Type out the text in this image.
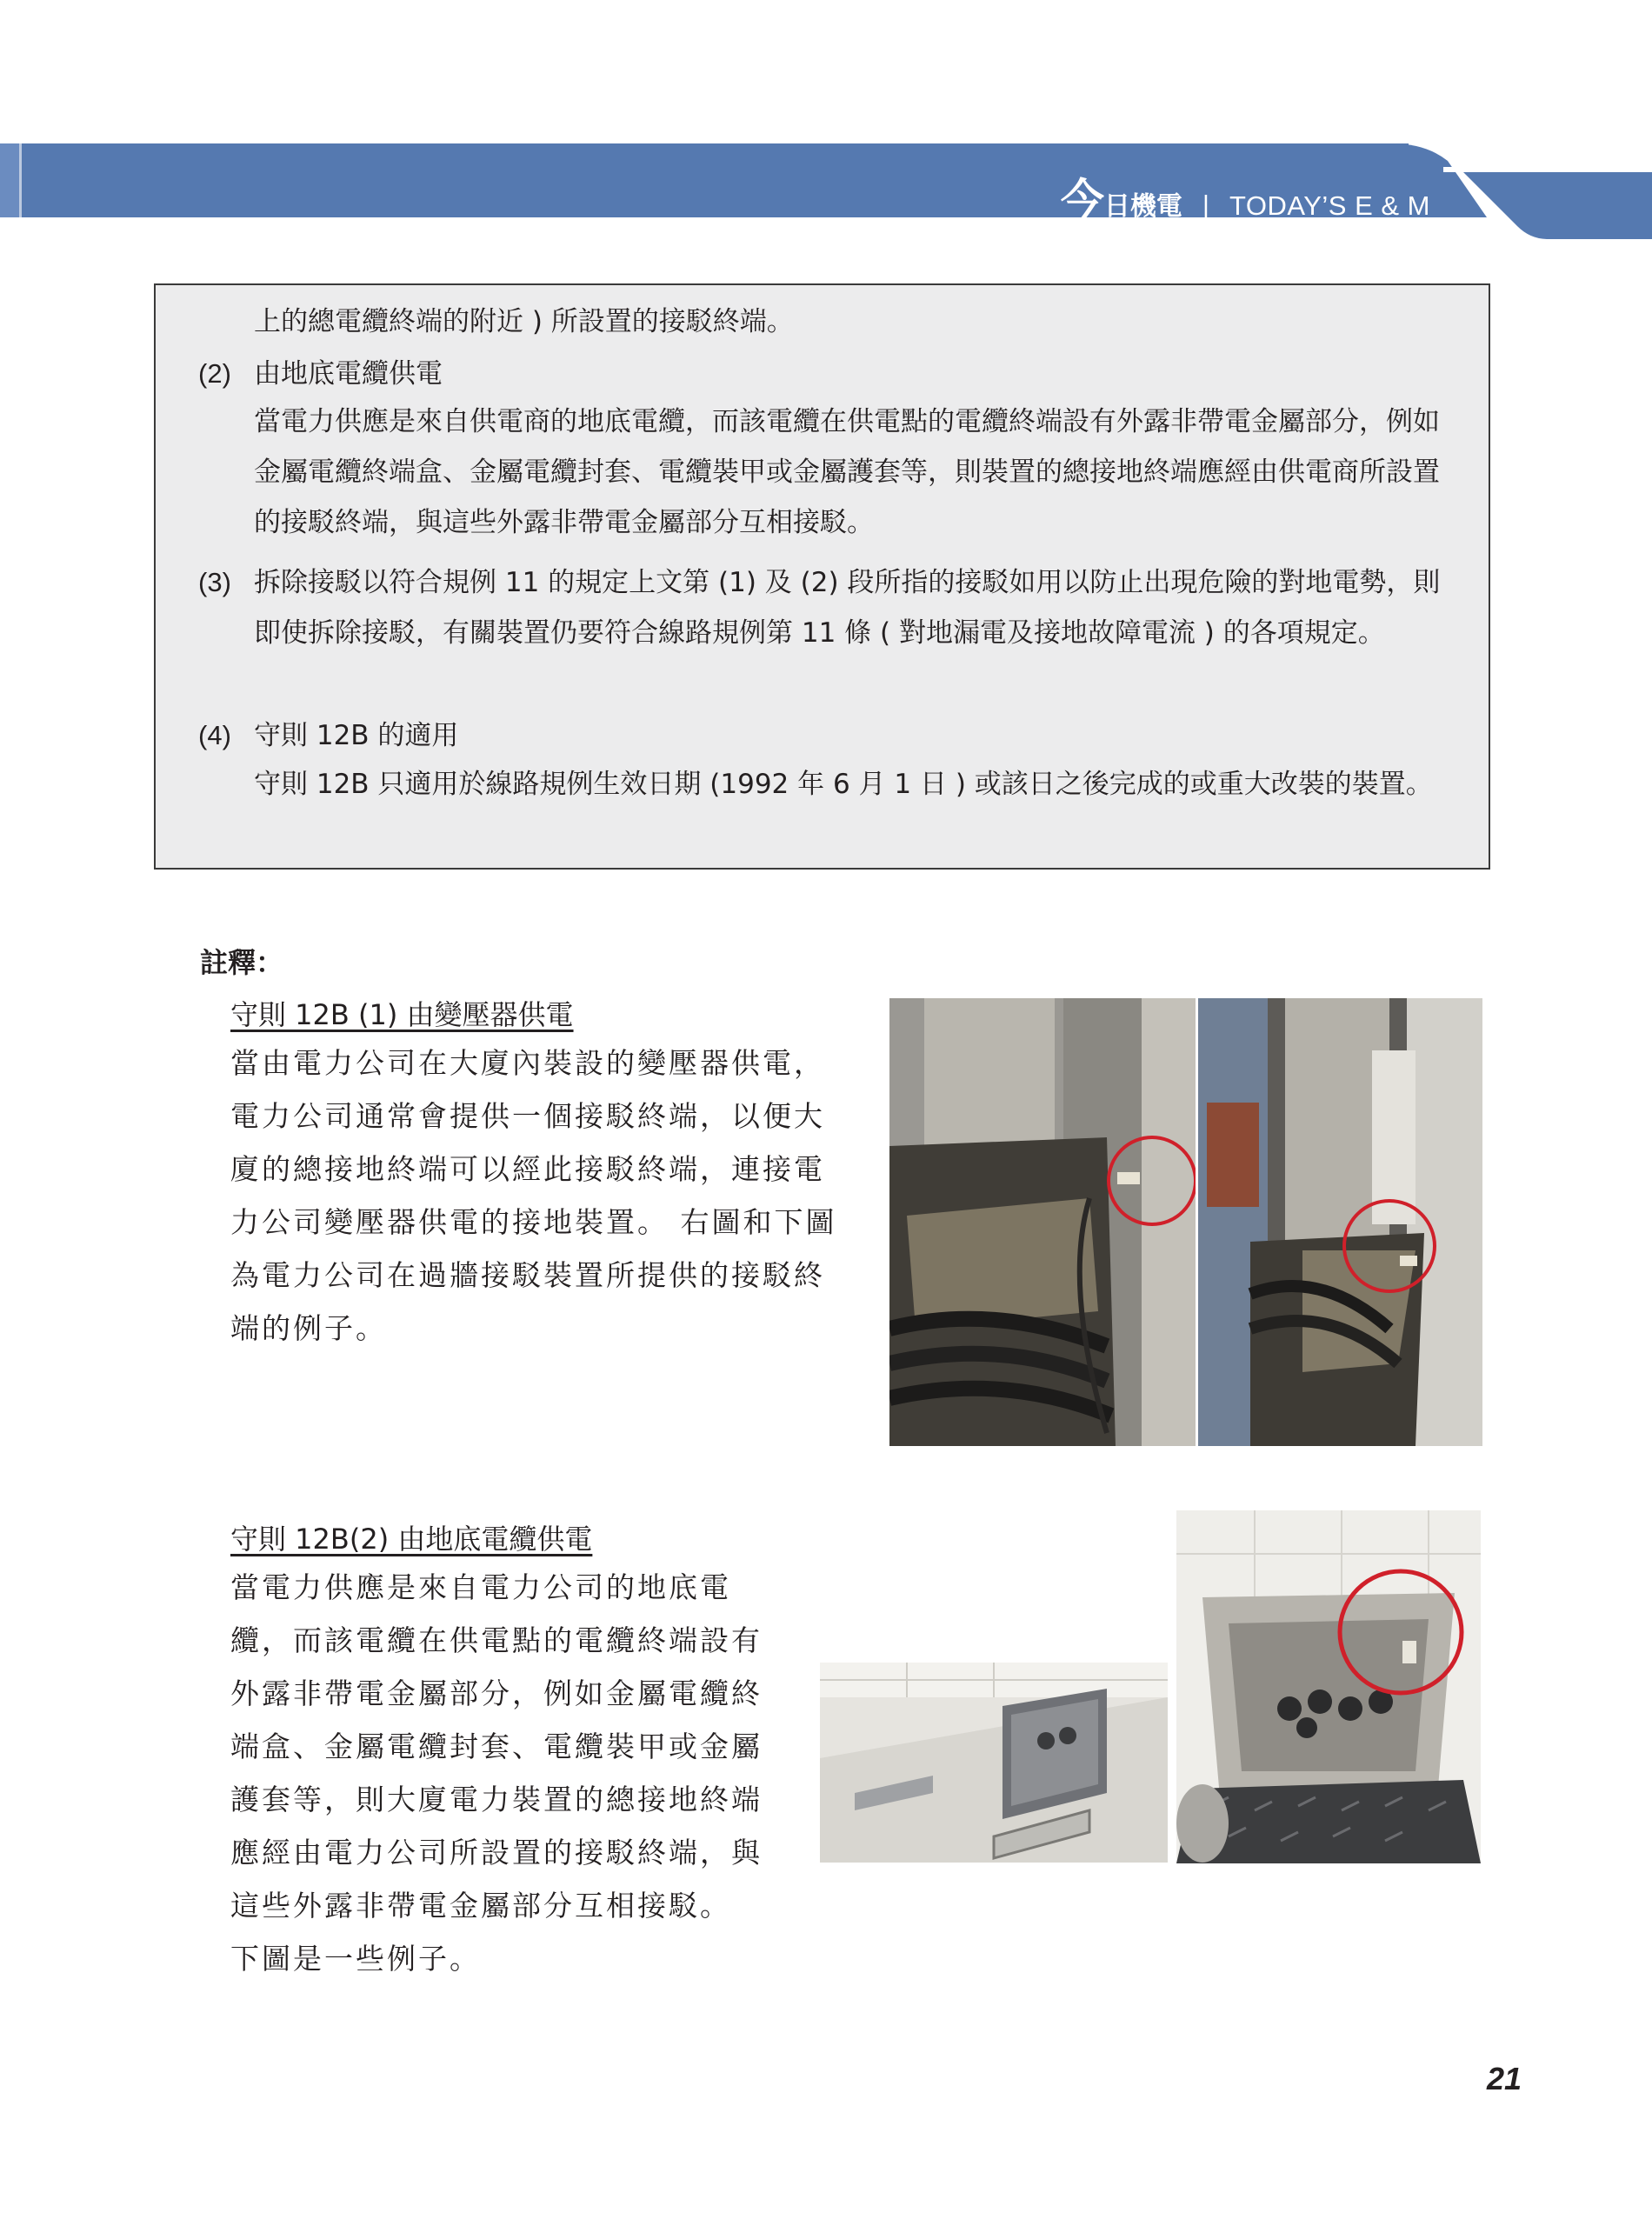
今 日機電 | TODAY’S E & M
上的總電纜終端的附近 ) 所設置的接駁終端。
(2) 由地底電纜供電
當電力供應是來自供電商的地底電纜，而該電纜在供電點的電纜終端設有外露非帶電金屬部分，例如金屬電纜終端盒、金屬電纜封套、電纜裝甲或金屬護套等，則裝置的總接地終端應經由供電商所設置的接駁終端，與這些外露非帶電金屬部分互相接駁。
(3) 拆除接駁以符合規例 11 的規定上文第 (1) 及 (2) 段所指的接駁如用以防止出現危險的對地電勢，則即使拆除接駁，有關裝置仍要符合線路規例第 11 條 ( 對地漏電及接地故障電流 ) 的各項規定。
(4) 守則 12B 的適用
守則 12B 只適用於線路規例生效日期 (1992 年 6 月 1 日 ) 或該日之後完成的或重大改裝的裝置。
註釋：
守則 12B (1) 由變壓器供電
當由電力公司在大廈內裝設的變壓器供電，
電力公司通常會提供一個接駁終端，以便大
廈的總接地終端可以經此接駁終端，連接電
力公司變壓器供電的接地裝置。 右圖和下圖
為電力公司在過牆接駁裝置所提供的接駁終
端的例子。
守則 12B(2) 由地底電纜供電
當電力供應是來自電力公司的地底電
纜，而該電纜在供電點的電纜終端設有
外露非帶電金屬部分，例如金屬電纜終
端盒、金屬電纜封套、電纜裝甲或金屬
護套等，則大廈電力裝置的總接地終端
應經由電力公司所設置的接駁終端，與
這些外露非帶電金屬部分互相接駁。
下圖是一些例子。
21
